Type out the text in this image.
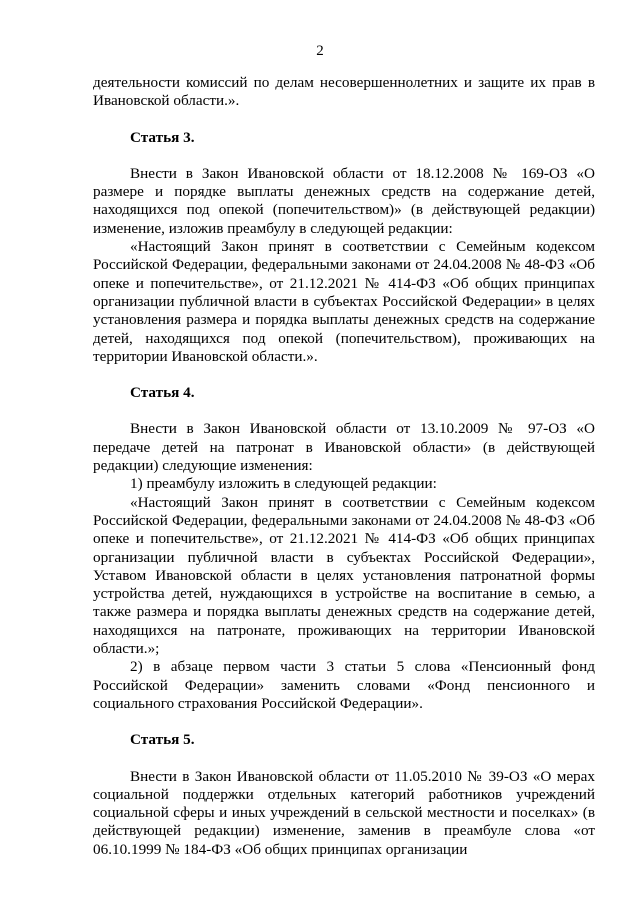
2

деятельности комиссий по делам несовершеннолетних и защите их прав в Ивановской области.».

Статья 3.

Внести в Закон Ивановской области от 18.12.2008 № 169-ОЗ «О размере и порядке выплаты денежных средств на содержание детей, находящихся под опекой (попечительством)» (в действующей редакции) изменение, изложив преамбулу в следующей редакции:

«Настоящий Закон принят в соответствии с Семейным кодексом Российской Федерации, федеральными законами от 24.04.2008 № 48-ФЗ «Об опеке и попечительстве», от 21.12.2021 № 414-ФЗ «Об общих принципах организации публичной власти в субъектах Российской Федерации» в целях установления размера и порядка выплаты денежных средств на содержание детей, находящихся под опекой (попечительством), проживающих на территории Ивановской области.».

Статья 4.

Внести в Закон Ивановской области от 13.10.2009 № 97-ОЗ «О передаче детей на патронат в Ивановской области» (в действующей редакции) следующие изменения:

1) преамбулу изложить в следующей редакции:

«Настоящий Закон принят в соответствии с Семейным кодексом Российской Федерации, федеральными законами от 24.04.2008 № 48-ФЗ «Об опеке и попечительстве», от 21.12.2021 № 414-ФЗ «Об общих принципах организации публичной власти в субъектах Российской Федерации», Уставом Ивановской области в целях установления патронатной формы устройства детей, нуждающихся в устройстве на воспитание в семью, а также размера и порядка выплаты денежных средств на содержание детей, находящихся на патронате, проживающих на территории Ивановской области.»;

2) в абзаце первом части 3 статьи 5 слова «Пенсионный фонд Российской Федерации» заменить словами «Фонд пенсионного и социального страхования Российской Федерации».

Статья 5.

Внести в Закон Ивановской области от 11.05.2010 № 39-ОЗ «О мерах социальной поддержки отдельных категорий работников учреждений социальной сферы и иных учреждений в сельской местности и поселках» (в действующей редакции) изменение, заменив в преамбуле слова «от 06.10.1999 № 184-ФЗ «Об общих принципах организации
